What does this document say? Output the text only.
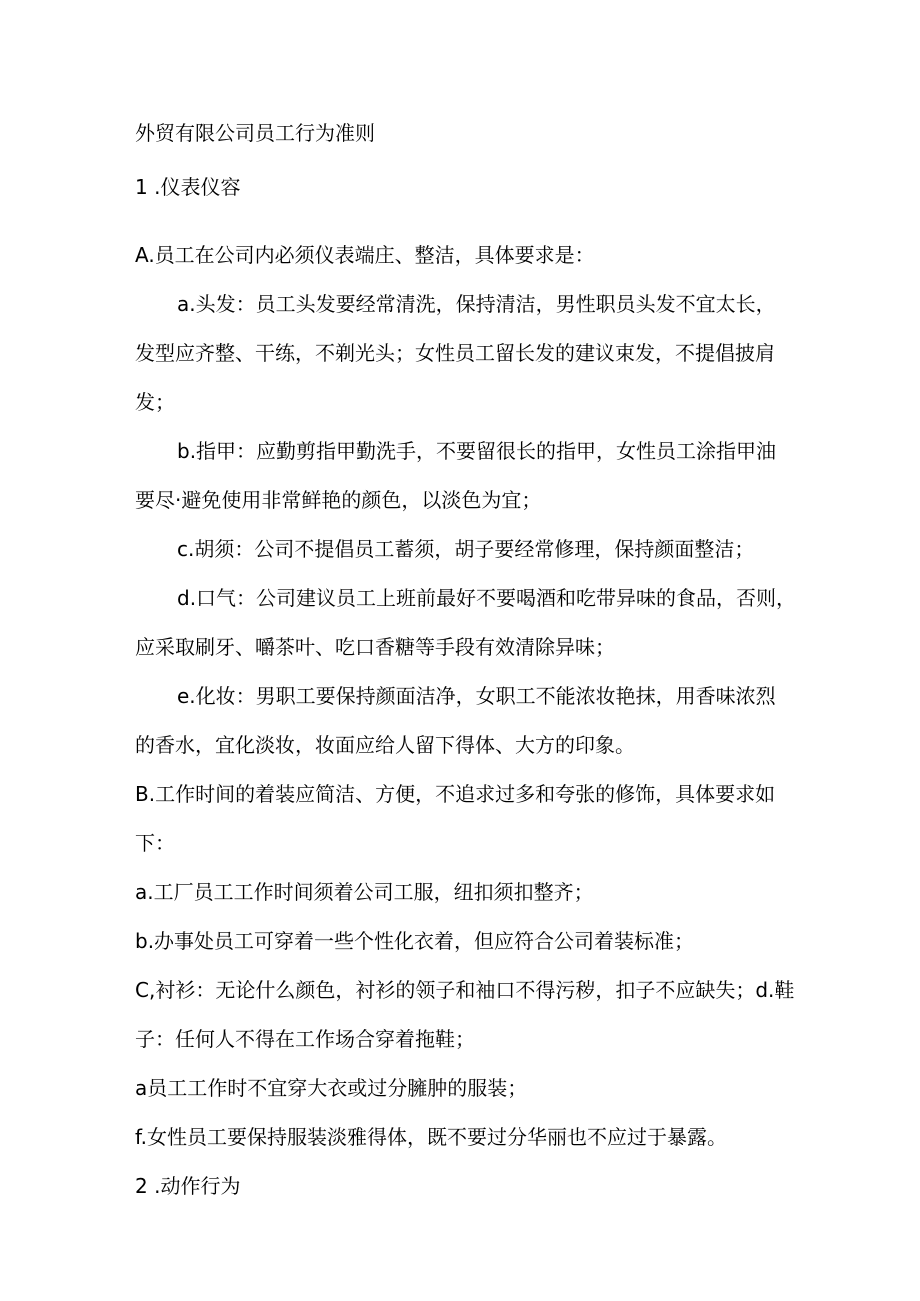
外贸有限公司员工行为准则

1 .仪表仪容

A.员工在公司内必须仪表端庄、整洁，具体要求是：

a.头发：员工头发要经常清洗，保持清洁，男性职员头发不宜太长，

发型应齐整、干练，不剃光头；女性员工留长发的建议束发，不提倡披肩

发；

b.指甲：应勤剪指甲勤洗手，不要留很长的指甲，女性员工涂指甲油

要尽·避免使用非常鲜艳的颜色，以淡色为宜；

c.胡须：公司不提倡员工蓄须，胡子要经常修理，保持颜面整洁；

d.口气：公司建议员工上班前最好不要喝酒和吃带异味的食品，否则，

应采取刷牙、嚼茶叶、吃口香糖等手段有效清除异味；

e.化妆：男职工要保持颜面洁净，女职工不能浓妆艳抹，用香味浓烈

的香水，宜化淡妆，妆面应给人留下得体、大方的印象。

B.工作时间的着装应简洁、方便，不追求过多和夸张的修饰，具体要求如

下：

a.工厂员工工作时间须着公司工服，纽扣须扣整齐；

b.办事处员工可穿着一些个性化衣着，但应符合公司着装标准；

C,衬衫：无论什么颜色，衬衫的领子和袖口不得污秽，扣子不应缺失；d.鞋

子：任何人不得在工作场合穿着拖鞋；

a员工工作时不宜穿大衣或过分臃肿的服装；

f.女性员工要保持服装淡雅得体，既不要过分华丽也不应过于暴露。

2 .动作行为
